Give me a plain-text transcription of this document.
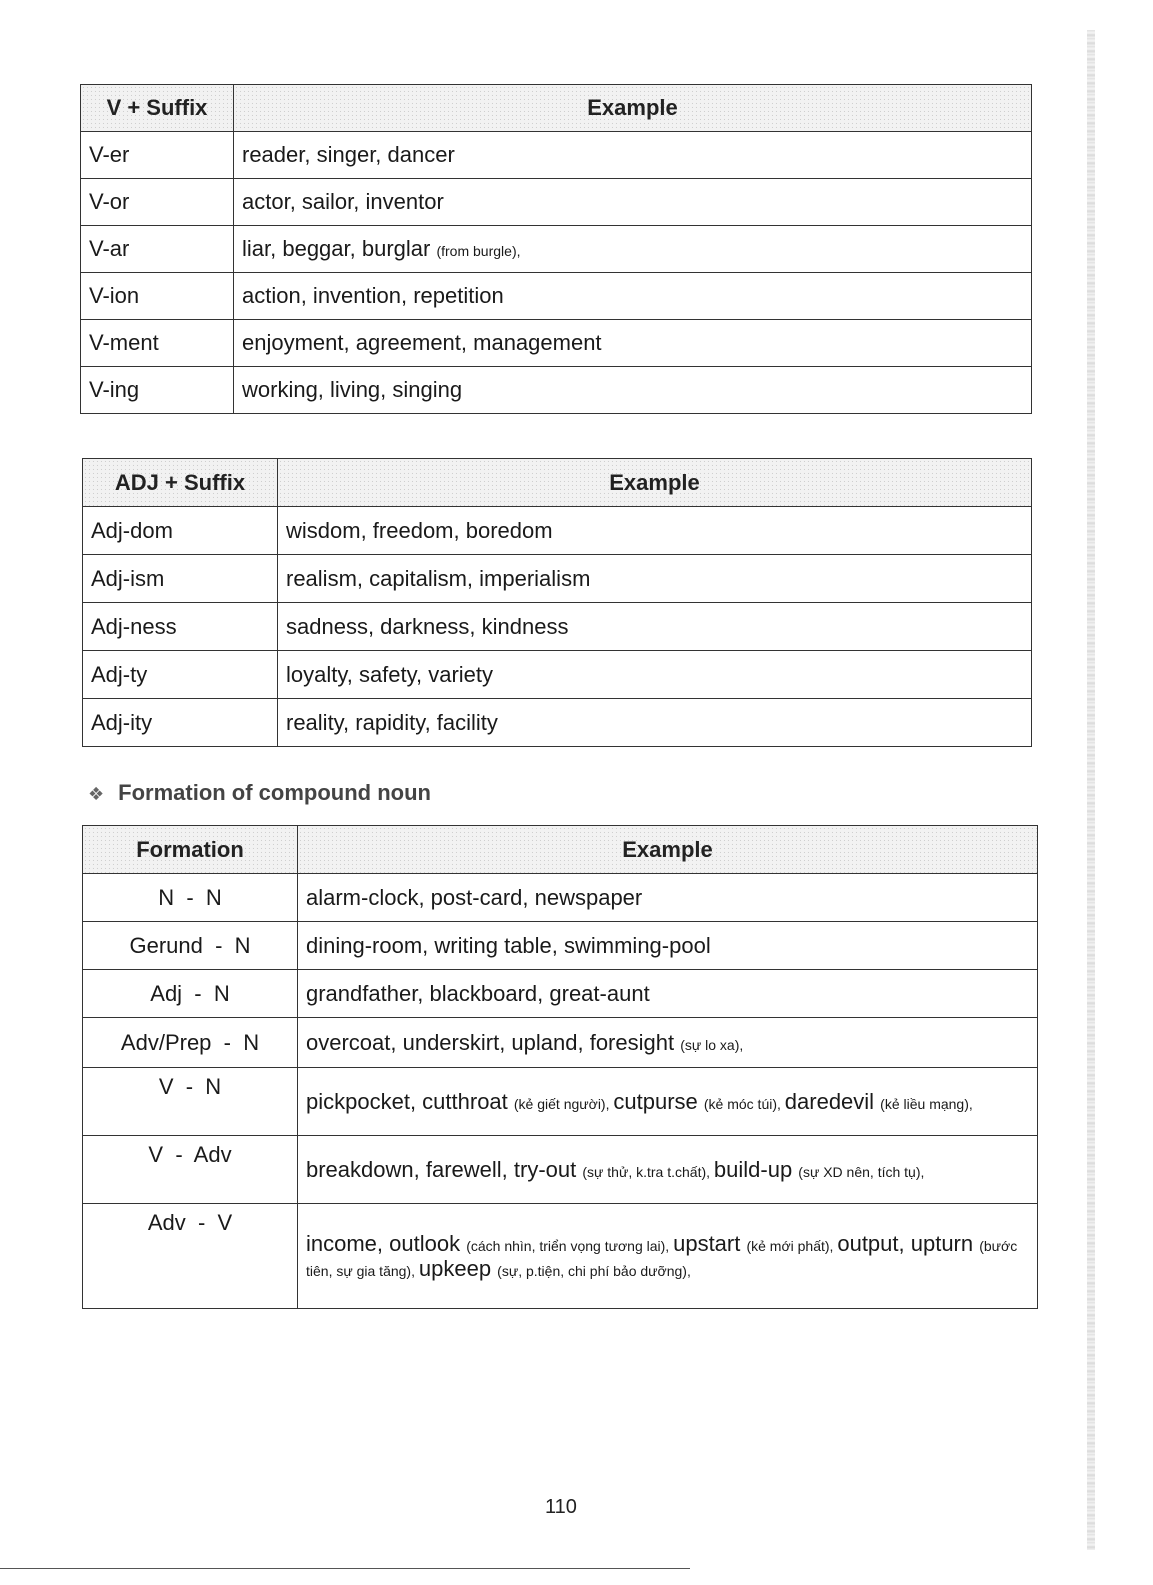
V + Suffix	Example
V-er	reader, singer, dancer
V-or	actor, sailor, inventor
V-ar	liar, beggar, burglar (from burgle),
V-ion	action, invention, repetition
V-ment	enjoyment, agreement, management
V-ing	working, living, singing
ADJ + Suffix	Example
Adj-dom	wisdom, freedom, boredom
Adj-ism	realism, capitalism, imperialism
Adj-ness	sadness, darkness, kindness
Adj-ty	loyalty, safety, variety
Adj-ity	reality, rapidity, facility
❖ Formation of compound noun
Formation	Example
N  -  N	alarm-clock, post-card, newspaper
Gerund  -  N	dining-room, writing table, swimming-pool
Adj  -  N	grandfather, blackboard, great-aunt
Adv/Prep  -  N	overcoat, underskirt, upland, foresight (sự lo xa),
V  -  N	pickpocket, cutthroat (kẻ giết người), cutpurse (kẻ móc túi), daredevil (kẻ liều mạng),
V  -  Adv	breakdown, farewell, try-out (sự thử, k.tra t.chất), build-up (sự XD nên, tích tụ),
Adv  -  V	income, outlook (cách nhìn, triển vọng tương lai), upstart (kẻ mới phất), output, upturn (bước tiên, sự gia tăng), upkeep (sự, p.tiện, chi phí bảo dưỡng),
110
